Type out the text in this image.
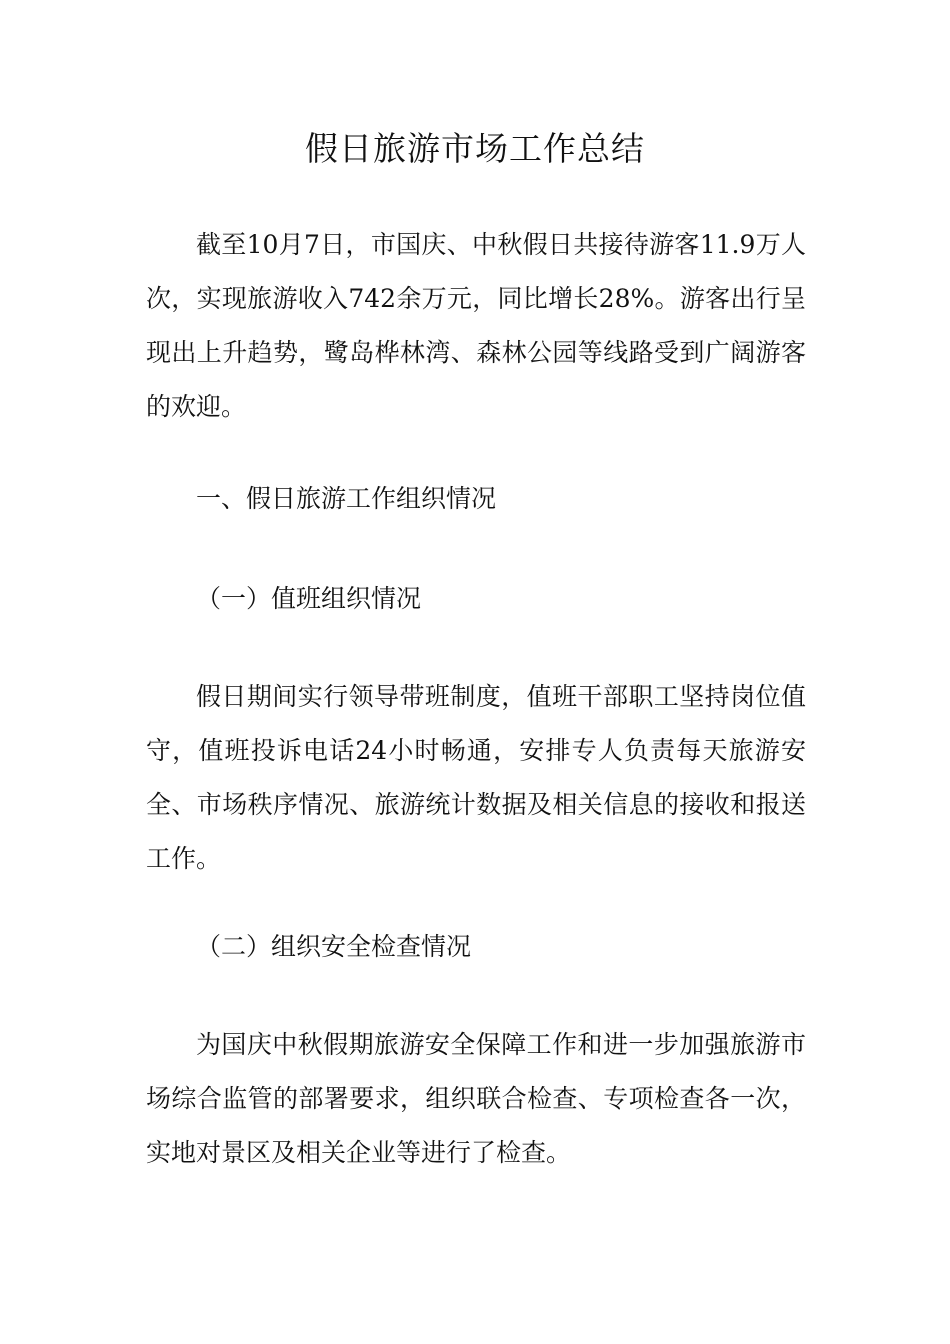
假日旅游市场工作总结

截至10月7日，市国庆、中秋假日共接待游客11.9万人次，实现旅游收入742余万元，同比增长28%。游客出行呈现出上升趋势，鹭岛桦林湾、森林公园等线路受到广阔游客的欢迎。

一、假日旅游工作组织情况

（一）值班组织情况

假日期间实行领导带班制度，值班干部职工坚持岗位值守，值班投诉电话24小时畅通，安排专人负责每天旅游安全、市场秩序情况、旅游统计数据及相关信息的接收和报送工作。

（二）组织安全检查情况

为国庆中秋假期旅游安全保障工作和进一步加强旅游市场综合监管的部署要求，组织联合检查、专项检查各一次，实地对景区及相关企业等进行了检查。
